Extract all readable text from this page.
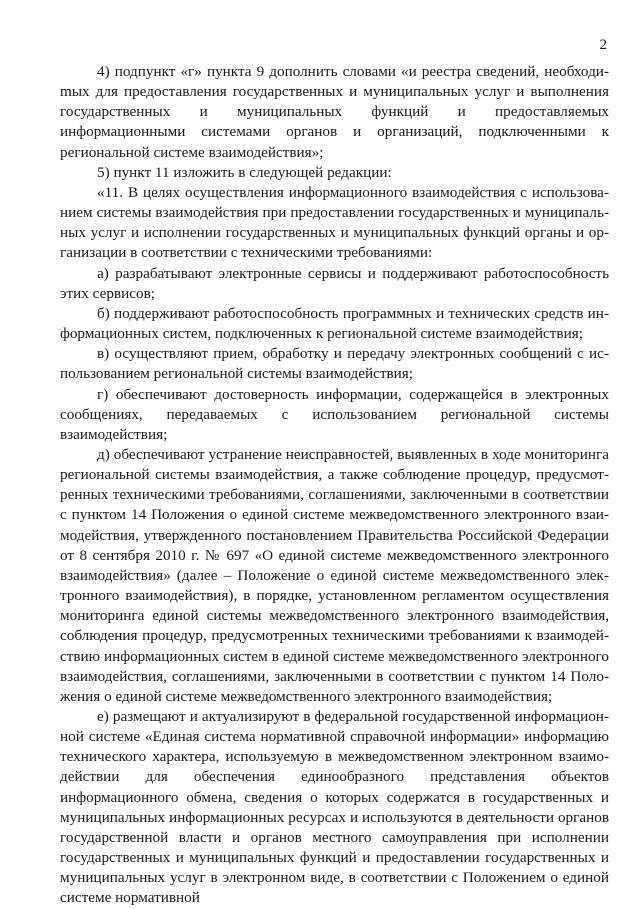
2

4) подпункт «г» пункта 9 дополнить словами «и реестра сведений, необходиmых для предоставления государственных и муниципальных услуг и выполнения государственных и муниципальных функций и предоставляемых информационными системами органов и организаций, подключенными к региональной системе взаимодействия»;

5) пункт 11 изложить в следующей редакции:

«11. В целях осуществления информационного взаимодействия с использованием системы взаимодействия при предоставлении государственных и муниципальных услуг и исполнении государственных и муниципальных функций органы и организации в соответствии с техническими требованиями:

а) разрабатывают электронные сервисы и поддерживают работоспособность этих сервисов;

б) поддерживают работоспособность программных и технических средств информационных систем, подключенных к региональной системе взаимодействия;

в) осуществляют прием, обработку и передачу электронных сообщений с использованием региональной системы взаимодействия;

г) обеспечивают достоверность информации, содержащейся в электронных сообщениях, передаваемых с использованием региональной системы взаимодействия;

д) обеспечивают устранение неисправностей, выявленных в ходе мониторинга региональной системы взаимодействия, а также соблюдение процедур, предусмотренных техническими требованиями, соглашениями, заключенными в соответствии с пунктом 14 Положения о единой системе межведомственного электронного взаимодействия, утвержденного постановлением Правительства Российской Федерации от 8 сентября 2010 г. № 697 «О единой системе межведомственного электронного взаимодействия» (далее – Положение о единой системе межведомственного электронного взаимодействия), в порядке, установленном регламентом осуществления мониторинга единой системы межведомственного электронного взаимодействия, соблюдения процедур, предусмотренных техническими требованиями к взаимодействию информационных систем в единой системе межведомственного электронного взаимодействия, соглашениями, заключенными в соответствии с пунктом 14 Положения о единой системе межведомственного электронного взаимодействия;

е) размещают и актуализируют в федеральной государственной информационной системе «Единая система нормативной справочной информации» информацию технического характера, используемую в межведомственном электронном взаимодействии для обеспечения единообразного представления объектов информационного обмена, сведения о которых содержатся в государственных и муниципальных информационных ресурсах и используются в деятельности органов государственной власти и органов местного самоуправления при исполнении государственных и муниципальных функций и предоставлении государственных и муниципальных услуг в электронном виде, в соответствии с Положением о единой системе нормативной
